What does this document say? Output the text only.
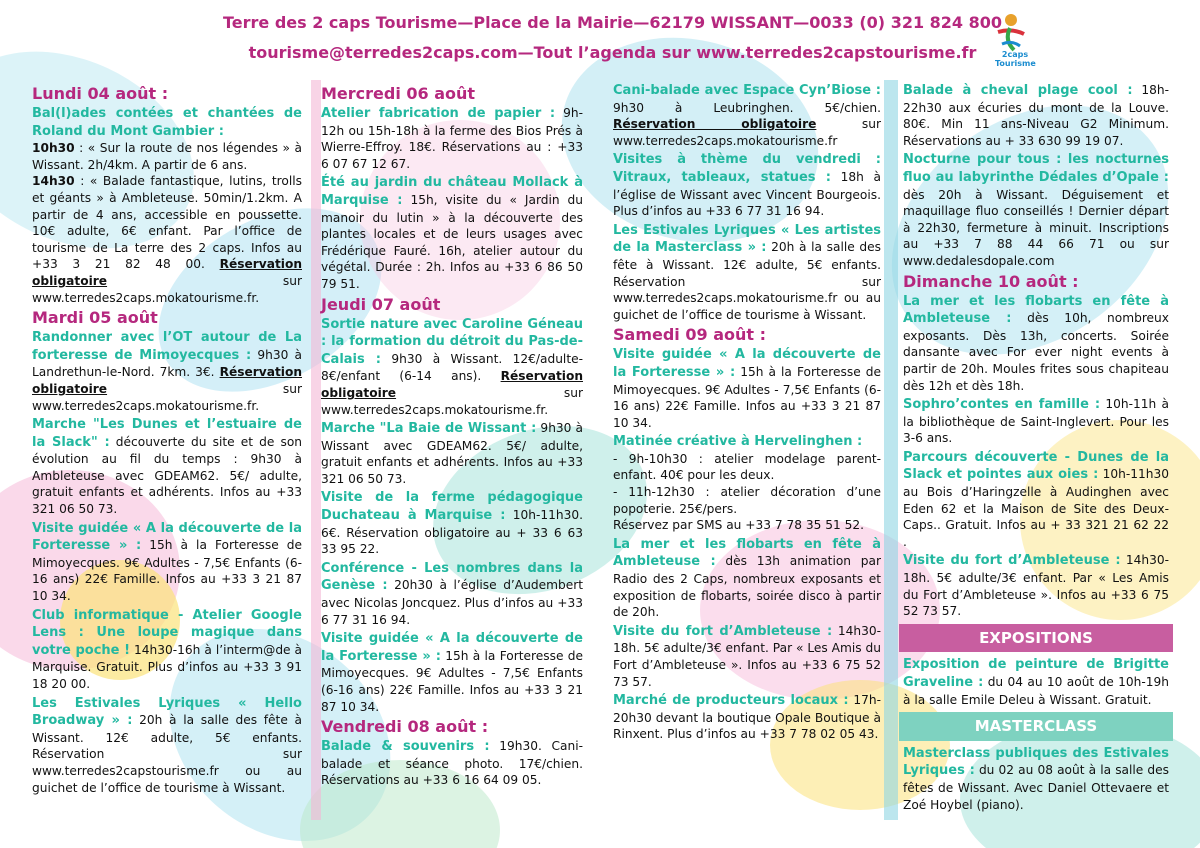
Terre des 2 caps Tourisme—Place de la Mairie—62179 WISSANT—0033 (0) 321 824 800
tourisme@terredes2caps.com—Tout l’agenda sur www.terredes2capstourisme.fr	2caps Tourisme
Lundi 04 août :
Bal(l)ades contées et chantées de Roland du Mont Gambier :
10h30 : « Sur la route de nos légendes » à Wissant. 2h/4km. A partir de 6 ans.
14h30 : « Balade fantastique, lutins, trolls et géants » à Ambleteuse. 50min/1.2km. A partir de 4 ans, accessible en poussette. 10€ adulte, 6€ enfant. Par l’office de tourisme de La terre des 2 caps. Infos au +33 3 21 82 48 00. Réservation obligatoire sur www.terredes2caps.mokatourisme.fr.
Mardi 05 août
Randonner avec l’OT autour de La forteresse de Mimoyecques : 9h30 à Landrethun-le-Nord. 7km. 3€. Réservation obligatoire sur www.terredes2caps.mokatourisme.fr.
Marche "Les Dunes et l’estuaire de la Slack" : découverte du site et de son évolution au fil du temps : 9h30 à Ambleteuse avec GDEAM62. 5€/ adulte, gratuit enfants et adhérents. Infos au +33 321 06 50 73.
Visite guidée « A la découverte de la Forteresse » : 15h à la Forteresse de Mimoyecques. 9€ Adultes - 7,5€ Enfants (6-16 ans) 22€ Famille. Infos au +33 3 21 87 10 34.
Club informatique - Atelier Google Lens : Une loupe magique dans votre poche ! 14h30-16h à l’interm@de à Marquise. Gratuit. Plus d’infos au +33 3 91 18 20 00.
Les Estivales Lyriques « Hello Broadway » : 20h à la salle des fête à Wissant. 12€ adulte, 5€ enfants. Réservation sur www.terredes2capstourisme.fr ou au guichet de l’office de tourisme à Wissant.
Mercredi 06 août
Atelier fabrication de papier : 9h-12h ou 15h-18h à la ferme des Bios Prés à Wierre-Effroy. 18€. Réservations au : +33 6 07 67 12 67.
Été au jardin du château Mollack à Marquise : 15h, visite du « Jardin du manoir du lutin » à la découverte des plantes locales et de leurs usages avec Frédérique Fauré. 16h, atelier autour du végétal. Durée : 2h. Infos au +33 6 86 50 79 51.
Jeudi 07 août
Sortie nature avec Caroline Géneau : la formation du détroit du Pas-de-Calais : 9h30 à Wissant. 12€/adulte-8€/enfant (6-14 ans). Réservation obligatoire sur www.terredes2caps.mokatourisme.fr.
Marche "La Baie de Wissant : 9h30 à Wissant avec GDEAM62. 5€/ adulte, gratuit enfants et adhérents. Infos au +33 321 06 50 73.
Visite de la ferme pédagogique Duchateau à Marquise : 10h-11h30. 6€. Réservation obligatoire au + 33 6 63 33 95 22.
Conférence - Les nombres dans la Genèse : 20h30 à l’église d’Audembert avec Nicolas Joncquez. Plus d’infos au +33 6 77 31 16 94.
Visite guidée « A la découverte de la Forteresse » : 15h à la Forteresse de Mimoyecques. 9€ Adultes - 7,5€ Enfants (6-16 ans) 22€ Famille. Infos au +33 3 21 87 10 34.
Vendredi 08 août :
Balade & souvenirs : 19h30. Cani-balade et séance photo. 17€/chien. Réservations au +33 6 16 64 09 05.
Cani-balade avec Espace Cyn’Biose : 9h30 à Leubringhen. 5€/chien. Réservation obligatoire sur www.terredes2caps.mokatourisme.fr
Visites à thème du vendredi : Vitraux, tableaux, statues : 18h à l’église de Wissant avec Vincent Bourgeois. Plus d’infos au +33 6 77 31 16 94.
Les Estivales Lyriques « Les artistes de la Masterclass » : 20h à la salle des fête à Wissant. 12€ adulte, 5€ enfants. Réservation sur www.terredes2caps.mokatourisme.fr ou au guichet de l’office de tourisme à Wissant.
Samedi 09 août :
Visite guidée « A la découverte de la Forteresse » : 15h à la Forteresse de Mimoyecques. 9€ Adultes - 7,5€ Enfants (6-16 ans) 22€ Famille. Infos au +33 3 21 87 10 34.
Matinée créative à Hervelinghen :
- 9h-10h30 : atelier modelage parent-enfant. 40€ pour les deux.
- 11h-12h30 : atelier décoration d’une popoterie. 25€/pers.
Réservez par SMS au +33 7 78 35 51 52.
La mer et les flobarts en fête à Ambleteuse : dès 13h animation par Radio des 2 Caps, nombreux exposants et exposition de flobarts, soirée disco à partir de 20h.
Visite du fort d’Ambleteuse : 14h30-18h. 5€ adulte/3€ enfant. Par « Les Amis du Fort d’Ambleteuse ». Infos au +33 6 75 52 73 57.
Marché de producteurs locaux : 17h-20h30 devant la boutique Opale Boutique à Rinxent. Plus d’infos au +33 7 78 02 05 43.
Balade à cheval plage cool : 18h-22h30 aux écuries du mont de la Louve. 80€. Min 11 ans-Niveau G2 Minimum. Réservations au + 33 630 99 19 07.
Nocturne pour tous : les nocturnes fluo au labyrinthe Dédales d’Opale : dès 20h à Wissant. Déguisement et maquillage fluo conseillés ! Dernier départ à 22h30, fermeture à minuit. Inscriptions au +33 7 88 44 66 71 ou sur www.dedalesdopale.com
Dimanche 10 août :
La mer et les flobarts en fête à Ambleteuse : dès 10h, nombreux exposants. Dès 13h, concerts. Soirée dansante avec For ever night events à partir de 20h. Moules frites sous chapiteau dès 12h et dès 18h.
Sophro’contes en famille : 10h-11h à la bibliothèque de Saint-Inglevert. Pour les 3-6 ans.
Parcours découverte - Dunes de la Slack et pointes aux oies : 10h-11h30 au Bois d’Haringzelle à Audinghen avec Eden 62 et la Maison de Site des Deux-Caps.. Gratuit. Infos au + 33 321 21 62 22 .
Visite du fort d’Ambleteuse : 14h30-18h. 5€ adulte/3€ enfant. Par « Les Amis du Fort d’Ambleteuse ». Infos au +33 6 75 52 73 57.
EXPOSITIONS
Exposition de peinture de Brigitte Graveline : du 04 au 10 août de 10h-19h à la salle Emile Deleu à Wissant. Gratuit.
MASTERCLASS
Masterclass publiques des Estivales Lyriques : du 02 au 08 août à la salle des fêtes de Wissant. Avec Daniel Ottevaere et Zoé Hoybel (piano).
